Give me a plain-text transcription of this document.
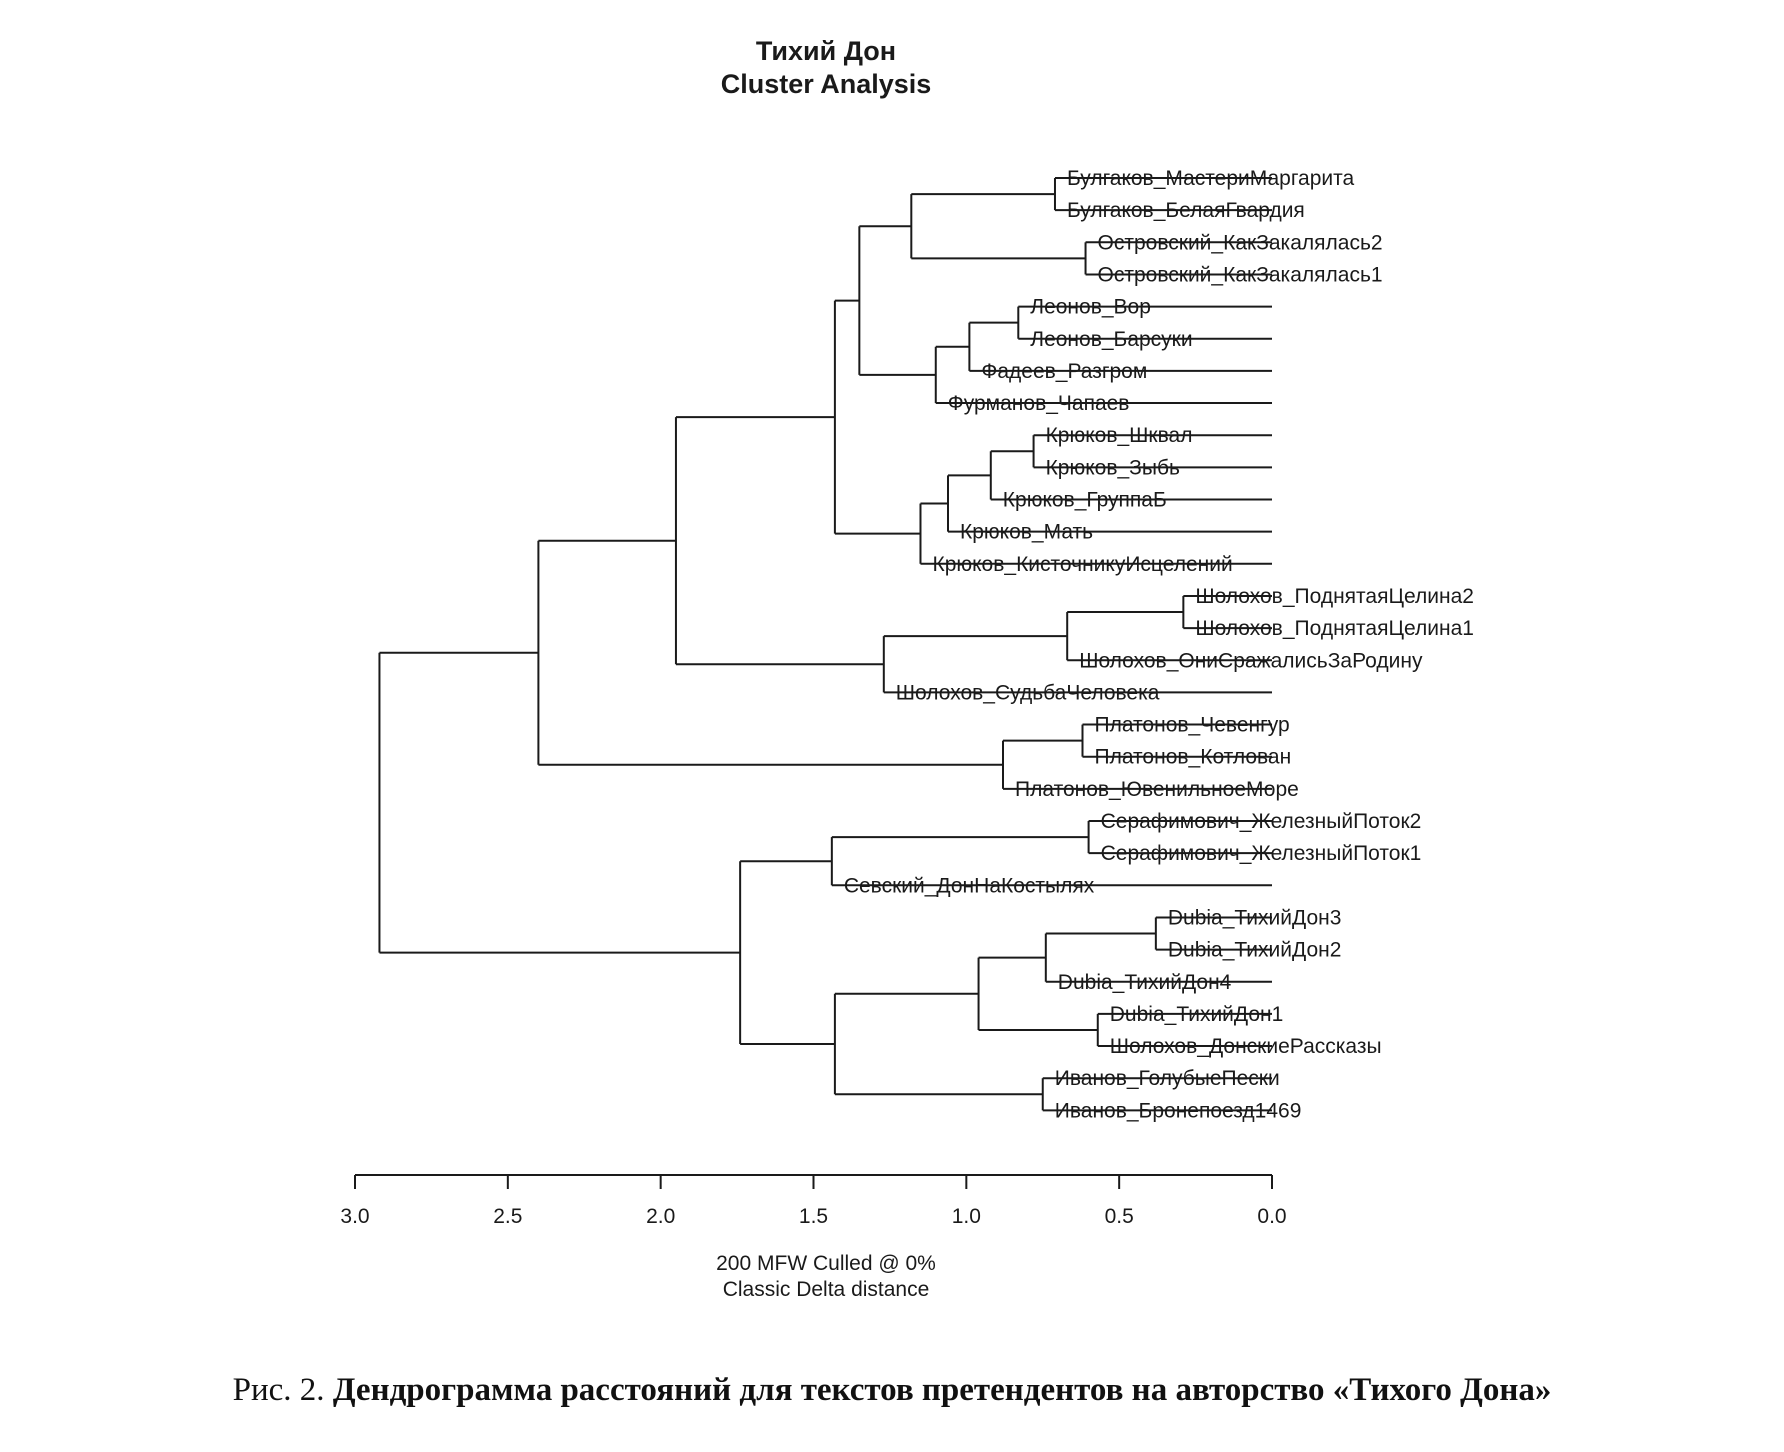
Тихий Дон
Cluster Analysis
Булгаков_МастериМаргарита
Булгаков_БелаяГвардия
Островский_КакЗакалялась2
Островский_КакЗакалялась1
Леонов_Вор
Леонов_Барсуки
Фадеев_Разгром
Фурманов_Чапаев
Крюков_Шквал
Крюков_Зыбь
Крюков_ГруппаБ
Крюков_Мать
Крюков_КисточникуИсцелений
Шолохов_ПоднятаяЦелина2
Шолохов_ПоднятаяЦелина1
Шолохов_ОниСражалисьЗаРодину
Шолохов_СудьбаЧеловека
Платонов_Чевенгур
Платонов_Котлован
Платонов_ЮвенильноеМоре
Серафимович_ЖелезныйПоток2
Серафимович_ЖелезныйПоток1
Севский_ДонНаКостылях
Dubia_ТихийДон3
Dubia_ТихийДон2
Dubia_ТихийДон4
Dubia_ТихийДон1
Шолохов_ДонскиеРассказы
Иванов_ГолубыеПески
Иванов_Бронепоезд1469
3.0	2.5	2.0	1.5	1.0	0.5	0.0
200 MFW Culled @ 0%
Classic Delta distance
Рис. 2. Дендрограмма расстояний для текстов претендентов на авторство «Тихого Дона»
